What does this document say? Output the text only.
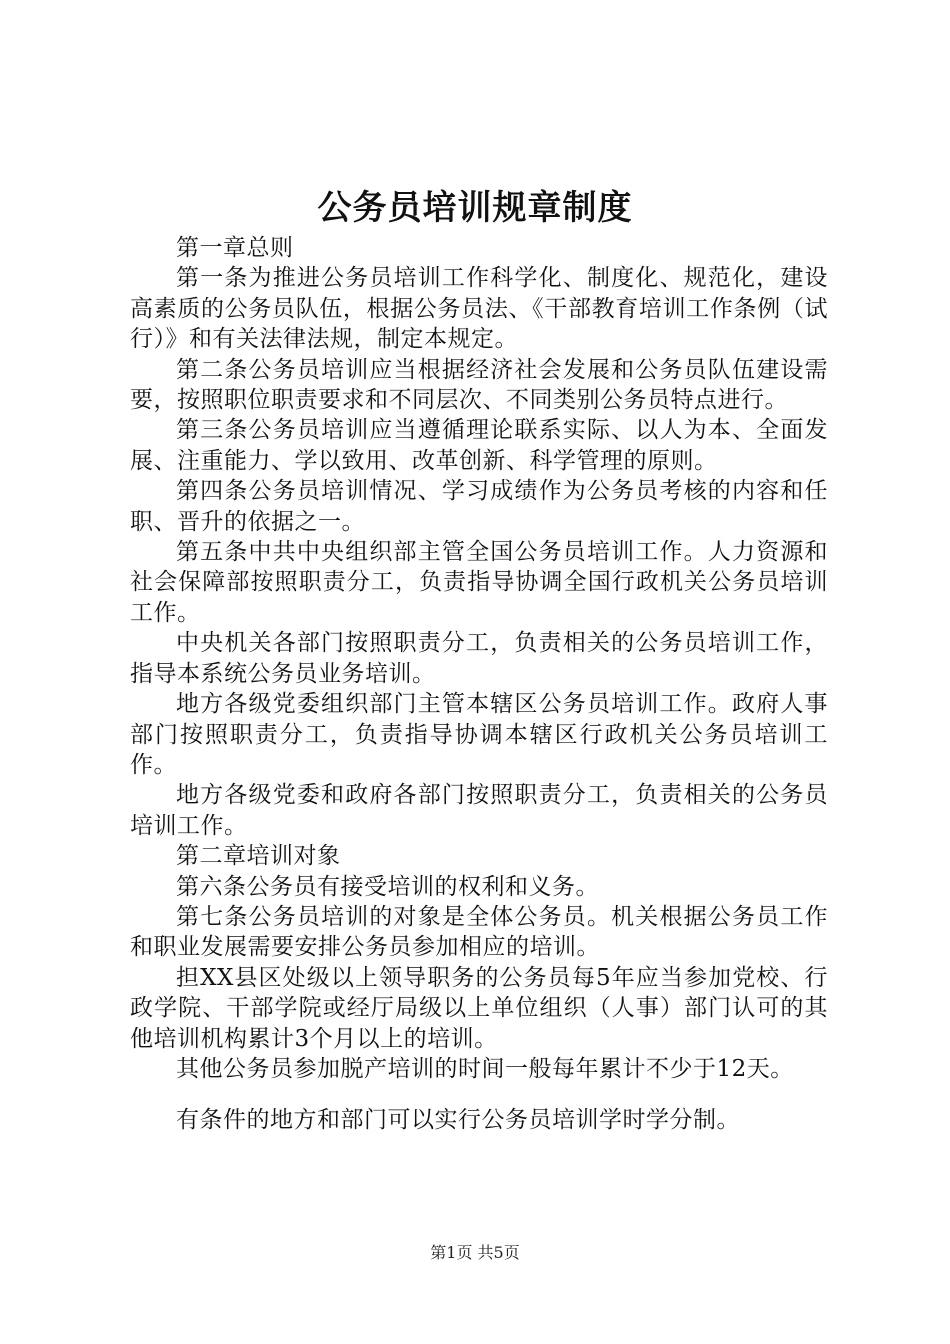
公务员培训规章制度

第一章总则

第一条为推进公务员培训工作科学化、制度化、规范化，建设高素质的公务员队伍，根据公务员法、《干部教育培训工作条例（试行）》和有关法律法规，制定本规定。

第二条公务员培训应当根据经济社会发展和公务员队伍建设需要，按照职位职责要求和不同层次、不同类别公务员特点进行。

第三条公务员培训应当遵循理论联系实际、以人为本、全面发展、注重能力、学以致用、改革创新、科学管理的原则。

第四条公务员培训情况、学习成绩作为公务员考核的内容和任职、晋升的依据之一。

第五条中共中央组织部主管全国公务员培训工作。人力资源和社会保障部按照职责分工，负责指导协调全国行政机关公务员培训工作。

中央机关各部门按照职责分工，负责相关的公务员培训工作，指导本系统公务员业务培训。

地方各级党委组织部门主管本辖区公务员培训工作。政府人事部门按照职责分工，负责指导协调本辖区行政机关公务员培训工作。

地方各级党委和政府各部门按照职责分工，负责相关的公务员培训工作。

第二章培训对象

第六条公务员有接受培训的权利和义务。

第七条公务员培训的对象是全体公务员。机关根据公务员工作和职业发展需要安排公务员参加相应的培训。

担XX县区处级以上领导职务的公务员每5年应当参加党校、行政学院、干部学院或经厅局级以上单位组织（人事）部门认可的其他培训机构累计3个月以上的培训。

其他公务员参加脱产培训的时间一般每年累计不少于12天。

有条件的地方和部门可以实行公务员培训学时学分制。

第1页 共5页
